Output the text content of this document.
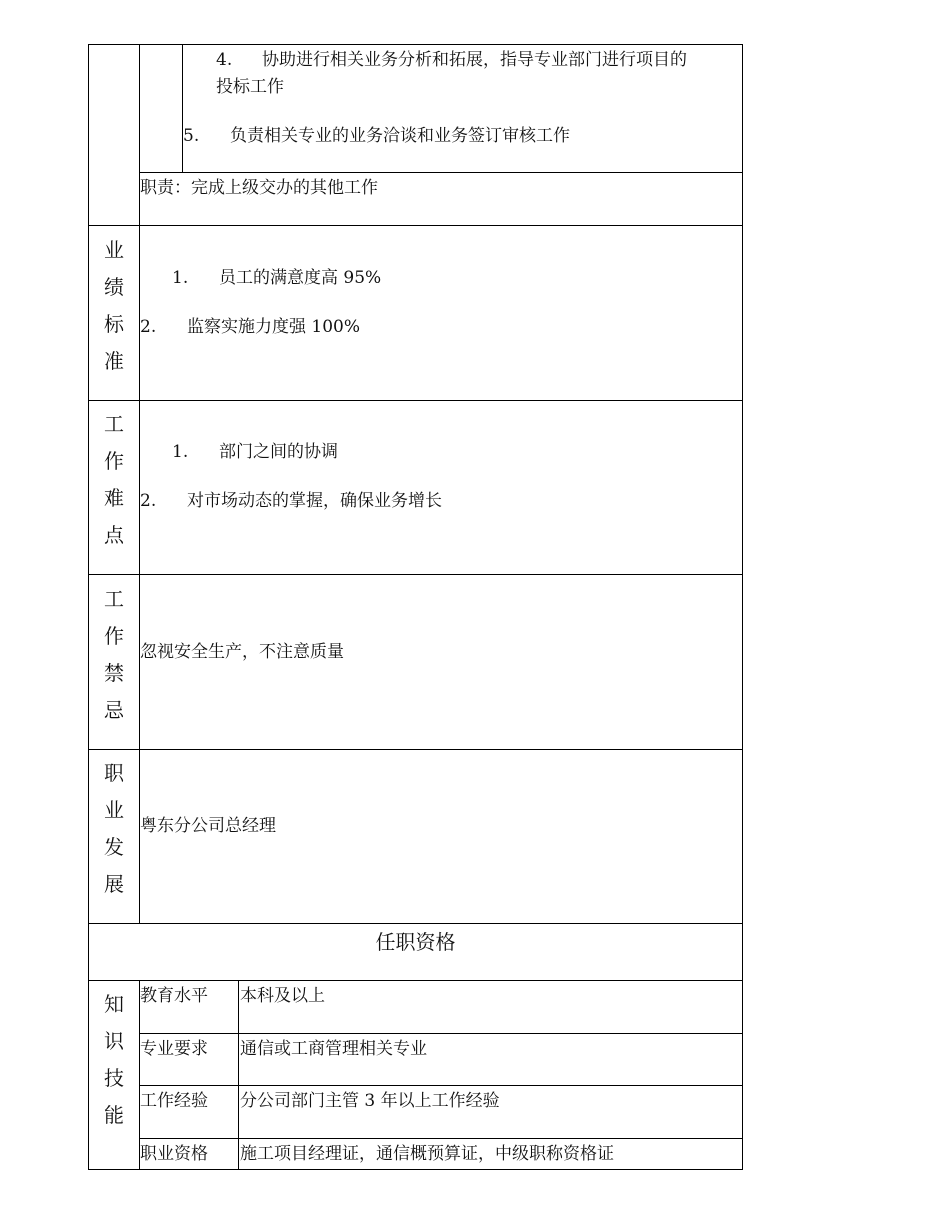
4. 协助进行相关业务分析和拓展，指导专业部门进行项目的
投标工作
5. 负责相关专业的业务洽谈和业务签订审核工作
职责：完成上级交办的其他工作
业
绩
标
准
1. 员工的满意度高 95%
2. 监察实施力度强 100%
工
作
难
点
1. 部门之间的协调
2. 对市场动态的掌握，确保业务增长
工
作
禁
忌
忽视安全生产，不注意质量
职
业
发
展
粤东分公司总经理
任职资格
知
识
技
能
教育水平 本科及以上
专业要求 通信或工商管理相关专业
工作经验 分公司部门主管 3 年以上工作经验
职业资格 施工项目经理证，通信概预算证，中级职称资格证
